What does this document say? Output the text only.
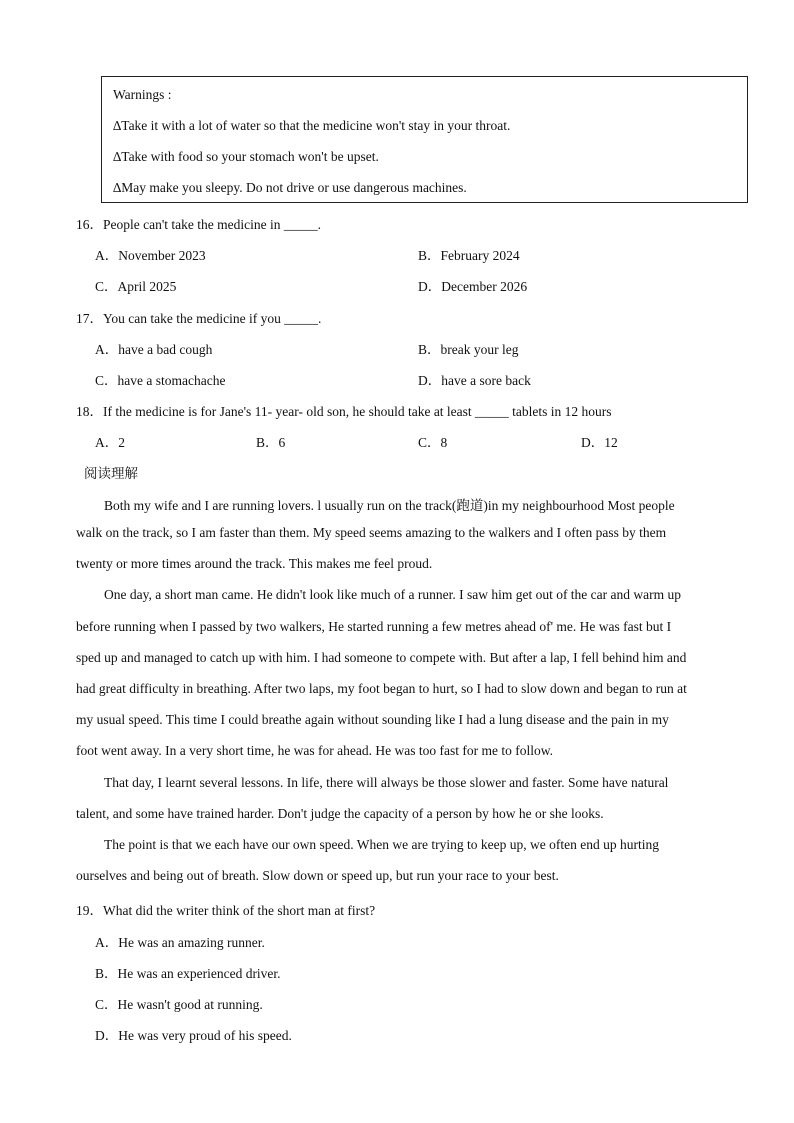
Warnings :
∆Take it with a lot of water so that the medicine won't stay in your throat.
∆Take with food so your stomach won't be upset.
∆May make you sleepy. Do not drive or use dangerous machines.
16．People can't take the medicine in _____.
A．November 2023	B．February 2024
C．April 2025	D．December 2026
17．You can take the medicine if you _____.
A．have a bad cough	B．break your leg
C．have a stomachache	D．have a sore back
18．If the medicine is for Jane's 11- year- old son, he should take at least _____ tablets in 12 hours
A．2	B．6	C．8	D．12
阅读理解
Both my wife and I are running lovers. l usually run on the track(跑道)in my neighbourhood Most people
walk on the track, so I am faster than them. My speed seems amazing to the walkers and I often pass by them
twenty or more times around the track. This makes me feel proud.
One day, a short man came. He didn't look like much of a runner. I saw him get out of the car and warm up
before running when I passed by two walkers, He started running a few metres ahead of' me. He was fast but I
sped up and managed to catch up with him. I had someone to compete with. But after a lap, I fell behind him and
had great difficulty in breathing. After two laps, my foot began to hurt, so I had to slow down and began to run at
my usual speed. This time I could breathe again without sounding like I had a lung disease and the pain in my
foot went away. In a very short time, he was for ahead. He was too fast for me to follow.
That day, I learnt several lessons. In life, there will always be those slower and faster. Some have natural
talent, and some have trained harder. Don't judge the capacity of a person by how he or she looks.
The point is that we each have our own speed. When we are trying to keep up, we often end up hurting
ourselves and being out of breath. Slow down or speed up, but run your race to your best.
19．What did the writer think of the short man at first?
A．He was an amazing runner.
B．He was an experienced driver.
C．He wasn't good at running.
D．He was very proud of his speed.
